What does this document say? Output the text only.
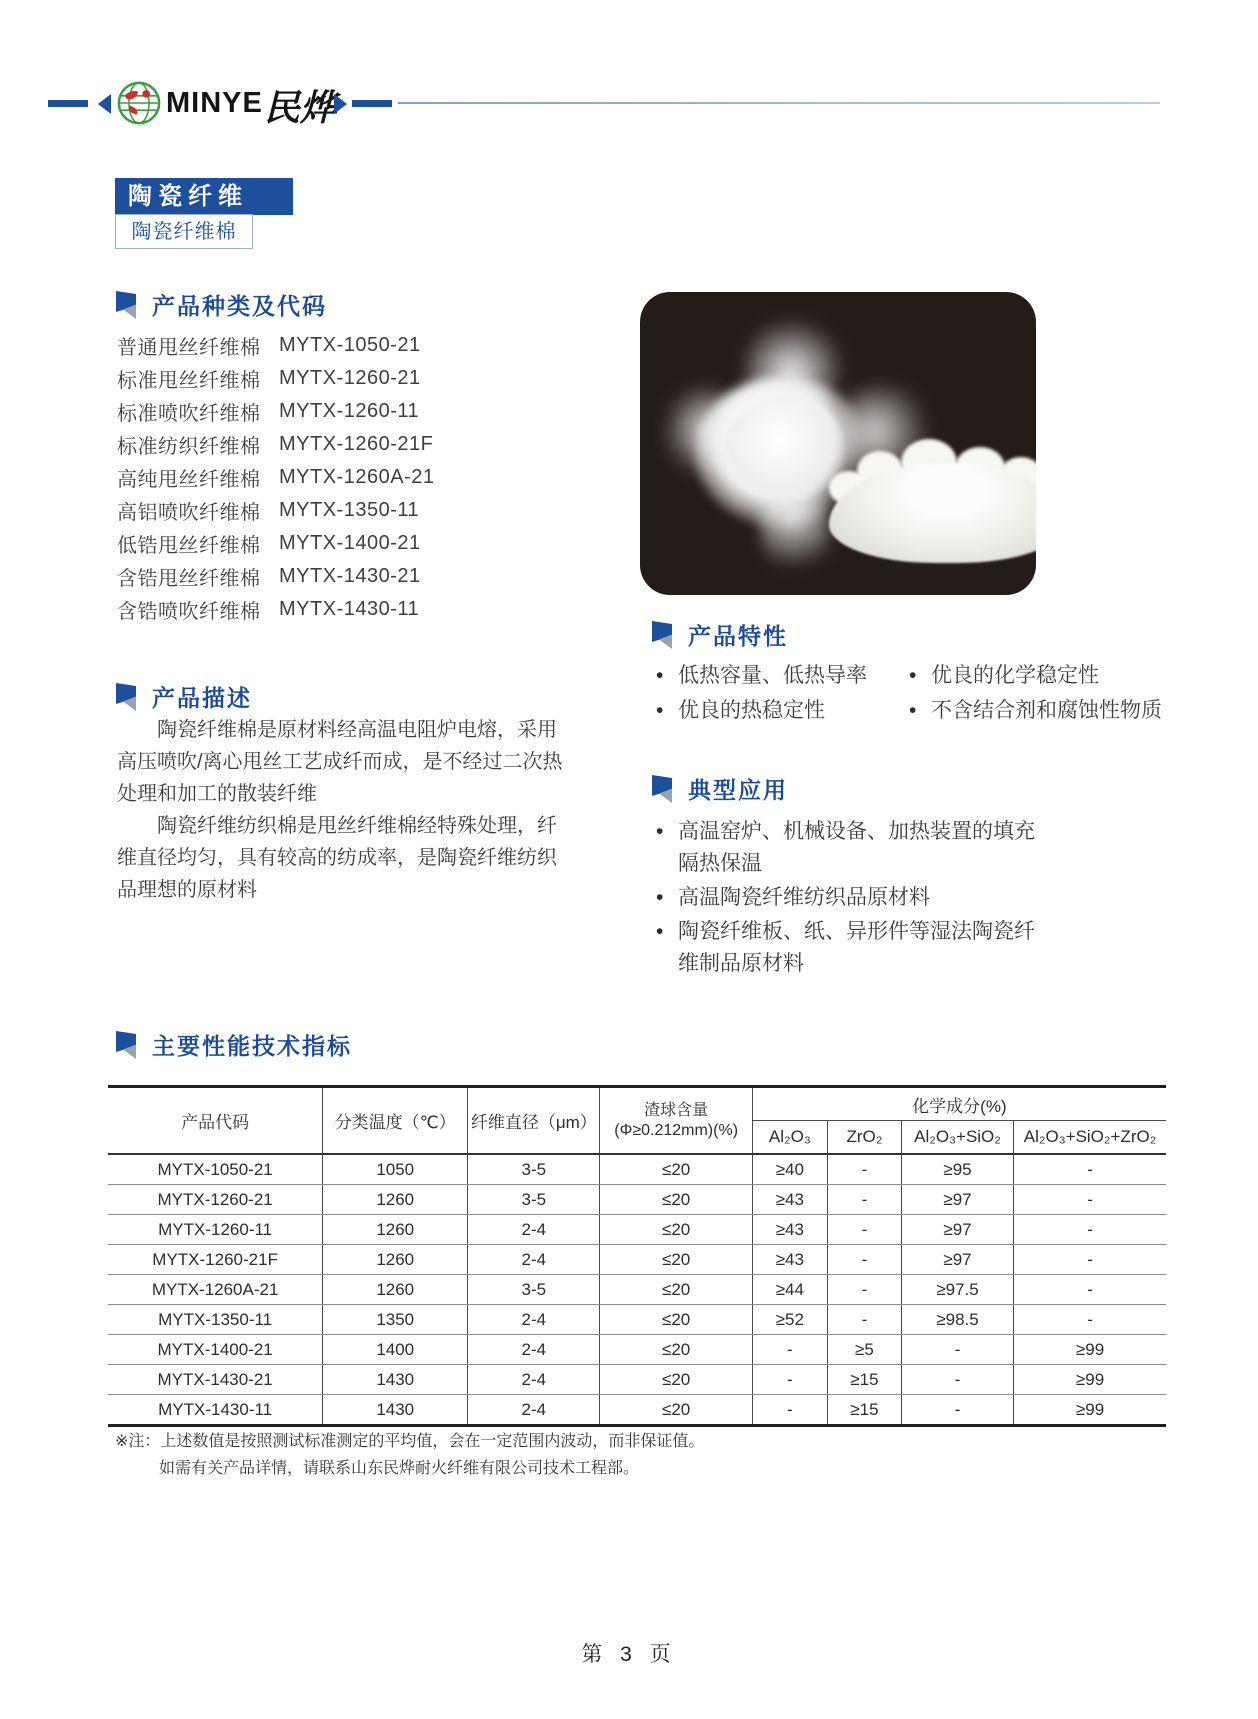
MINYE 民烨
陶瓷纤维
陶瓷纤维棉
产品种类及代码
普通甩丝纤维棉 MYTX-1050-21
标准甩丝纤维棉 MYTX-1260-21
标准喷吹纤维棉 MYTX-1260-11
标准纺织纤维棉 MYTX-1260-21F
高纯甩丝纤维棉 MYTX-1260A-21
高铝喷吹纤维棉 MYTX-1350-11
低锆甩丝纤维棉 MYTX-1400-21
含锆甩丝纤维棉 MYTX-1430-21
含锆喷吹纤维棉 MYTX-1430-11
产品描述

陶瓷纤维棉是原材料经高温电阻炉电熔，采用高压喷吹/离心甩丝工艺成纤而成，是不经过二次热处理和加工的散装纤维

陶瓷纤维纺织棉是甩丝纤维棉经特殊处理，纤维直径均匀，具有较高的纺成率，是陶瓷纤维纺织品理想的原材料

产品特性
• 低热容量、低热导率	• 优良的化学稳定性
• 优良的热稳定性	• 不含结合剂和腐蚀性物质
典型应用
• 高温窑炉、机械设备、加热装置的填充隔热保温
• 高温陶瓷纤维纺织品原材料
• 陶瓷纤维板、纸、异形件等湿法陶瓷纤维制品原材料
主要性能技术指标
产品代码	分类温度（℃）	纤维直径（μm）	渣球含量
(Φ≥0.212mm)(%)	化学成分(%)			
				Al₂O₃	ZrO₂	Al₂O₃+SiO₂	Al₂O₃+SiO₂+ZrO₂
MYTX-1050-21	1050	3-5	≤20	≥40	-	≥95	-
MYTX-1260-21	1260	3-5	≤20	≥43	-	≥97	-
MYTX-1260-11	1260	2-4	≤20	≥43	-	≥97	-
MYTX-1260-21F	1260	2-4	≤20	≥43	-	≥97	-
MYTX-1260A-21	1260	3-5	≤20	≥44	-	≥97.5	-
MYTX-1350-11	1350	2-4	≤20	≥52	-	≥98.5	-
MYTX-1400-21	1400	2-4	≤20	-	≥5	-	≥99
MYTX-1430-21	1430	2-4	≤20	-	≥15	-	≥99
MYTX-1430-11	1430	2-4	≤20	-	≥15	-	≥99
※注：上述数值是按照测试标准测定的平均值，会在一定范围内波动，而非保证值。
如需有关产品详情，请联系山东民烨耐火纤维有限公司技术工程部。
第 3 页
